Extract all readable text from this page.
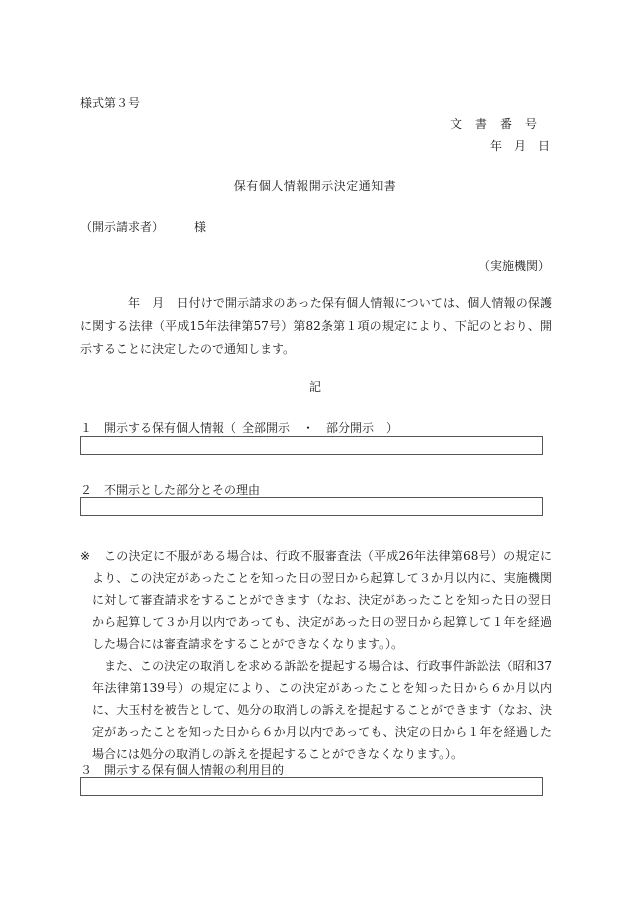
様式第３号
文書番号
年　月　日
保有個人情報開示決定通知書
（開示請求者）	様
（実施機関）

年　月　日付けで開示請求のあった保有個人情報については、個人情報の保護に関する法律（平成15年法律第57号）第82条第１項の規定により、下記のとおり、開示することに決定したので通知します。

記
１　開示する保有個人情報（ 全部開示　・　部分開示　）
２　不開示とした部分とその理由
※	この決定に不服がある場合は、行政不服審査法（平成26年法律第68号）の規定により、この決定があったことを知った日の翌日から起算して３か月以内に、実施機関に対して審査請求をすることができます（なお、決定があったことを知った日の翌日から起算して３か月以内であっても、決定があった日の翌日から起算して１年を経過した場合には審査請求をすることができなくなります。）。

また、この決定の取消しを求める訴訟を提起する場合は、行政事件訴訟法（昭和37年法律第139号）の規定により、この決定があったことを知った日から６か月以内に、大玉村を被告として、処分の取消しの訴えを提起することができます（なお、決定があったことを知った日から６か月以内であっても、決定の日から１年を経過した場合には処分の取消しの訴えを提起することができなくなります。）。

３　開示する保有個人情報の利用目的
